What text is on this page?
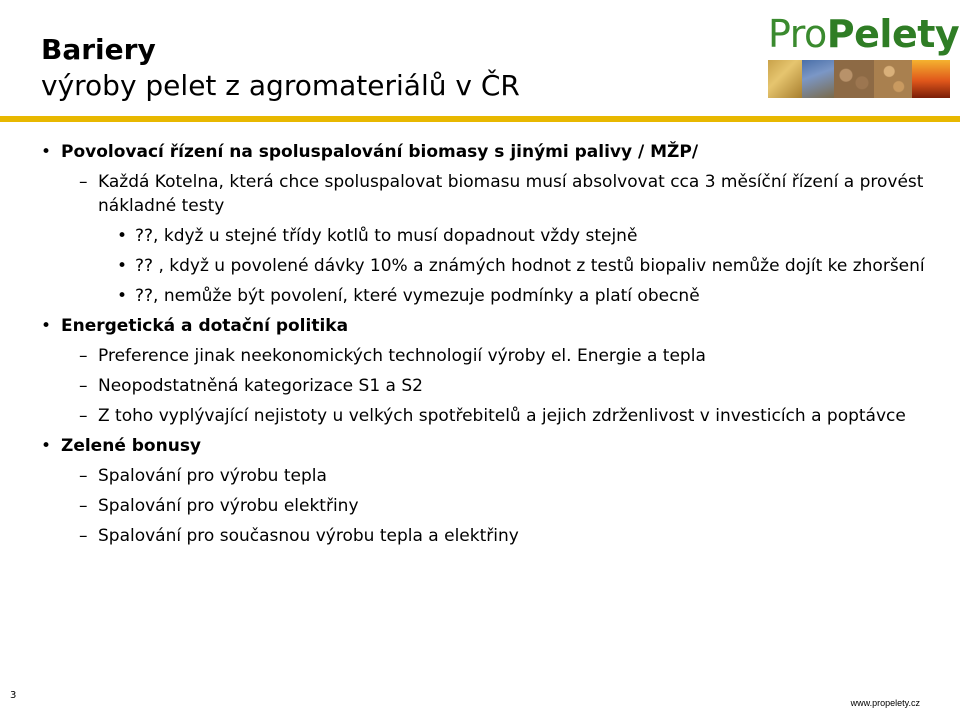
Bariery

výroby pelet z agromateriálů v ČR

ProPelety
• Povolovací řízení na spoluspalování biomasy s jinými palivy / MŽP/
– Každá Kotelna, která chce spoluspalovat biomasu musí absolvovat cca 3 měsíční řízení a provést nákladné testy
• ??, když u stejné třídy kotlů to musí dopadnout vždy stejně
• ?? , když u povolené dávky 10% a známých hodnot z testů biopaliv nemůže dojít ke zhoršení
• ??, nemůže být povolení, které vymezuje podmínky a platí obecně
• Energetická a dotační politika
– Preference jinak neekonomických technologií výroby el. Energie a tepla
– Neopodstatněná kategorizace S1 a S2
– Z toho vyplývající nejistoty u velkých spotřebitelů a jejich zdrženlivost v investicích a poptávce
• Zelené bonusy
– Spalování pro výrobu tepla
– Spalování pro výrobu elektřiny
– Spalování pro současnou výrobu tepla a elektřiny
3
www.propelety.cz
